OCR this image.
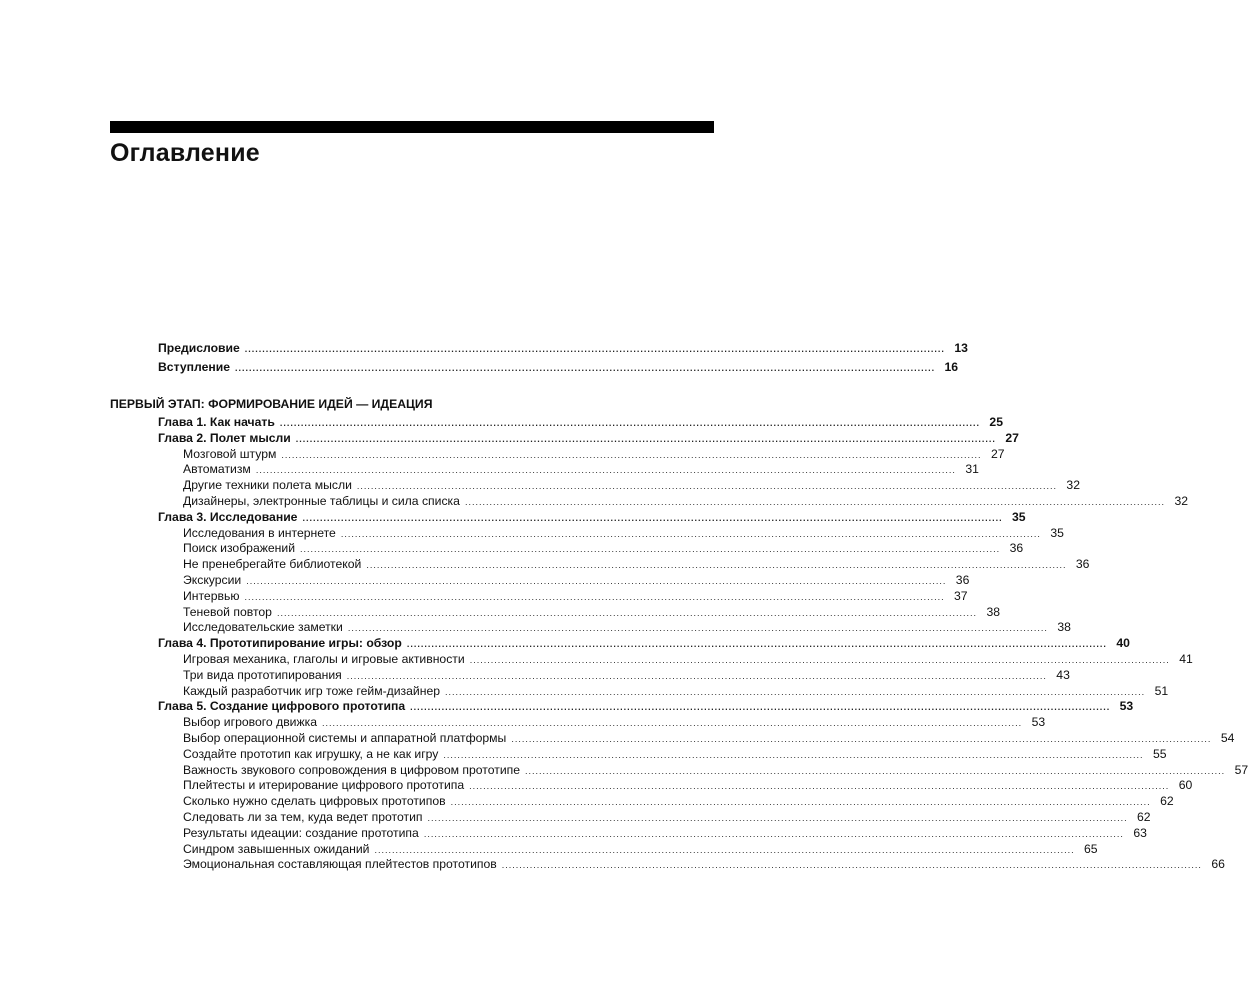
Оглавление
Предисловие ........................................................................................................................................................................................................ 13
Вступление ........................................................................................................................................................................................................ 16
ПЕРВЫЙ ЭТАП: ФОРМИРОВАНИЕ ИДЕЙ — ИДЕАЦИЯ
Глава 1. Как начать ........................................................................................................................................................................................................ 25
Глава 2. Полет мысли ........................................................................................................................................................................................................ 27
Мозговой штурм ........................................................................................................................................................................................................ 27
Автоматизм ........................................................................................................................................................................................................ 31
Другие техники полета мысли ........................................................................................................................................................................................................ 32
Дизайнеры, электронные таблицы и сила списка ........................................................................................................................................................................................................ 32
Глава 3. Исследование ........................................................................................................................................................................................................ 35
Исследования в интернете ........................................................................................................................................................................................................ 35
Поиск изображений ........................................................................................................................................................................................................ 36
Не пренебрегайте библиотекой ........................................................................................................................................................................................................ 36
Экскурсии ........................................................................................................................................................................................................ 36
Интервью ........................................................................................................................................................................................................ 37
Теневой повтор ........................................................................................................................................................................................................ 38
Исследовательские заметки ........................................................................................................................................................................................................ 38
Глава 4. Прототипирование игры: обзор ........................................................................................................................................................................................................ 40
Игровая механика, глаголы и игровые активности ........................................................................................................................................................................................................ 41
Три вида прототипирования ........................................................................................................................................................................................................ 43
Каждый разработчик игр тоже гейм-дизайнер ........................................................................................................................................................................................................ 51
Глава 5. Создание цифрового прототипа ........................................................................................................................................................................................................ 53
Выбор игрового движка ........................................................................................................................................................................................................ 53
Выбор операционной системы и аппаратной платформы ........................................................................................................................................................................................................ 54
Создайте прототип как игрушку, а не как игру ........................................................................................................................................................................................................ 55
Важность звукового сопровождения в цифровом прототипе ........................................................................................................................................................................................................ 57
Плейтесты и итерирование цифрового прототипа ........................................................................................................................................................................................................ 60
Сколько нужно сделать цифровых прототипов ........................................................................................................................................................................................................ 62
Следовать ли за тем, куда ведет прототип ........................................................................................................................................................................................................ 62
Результаты идеации: создание прототипа ........................................................................................................................................................................................................ 63
Синдром завышенных ожиданий ........................................................................................................................................................................................................ 65
Эмоциональная составляющая плейтестов прототипов ........................................................................................................................................................................................................ 66
